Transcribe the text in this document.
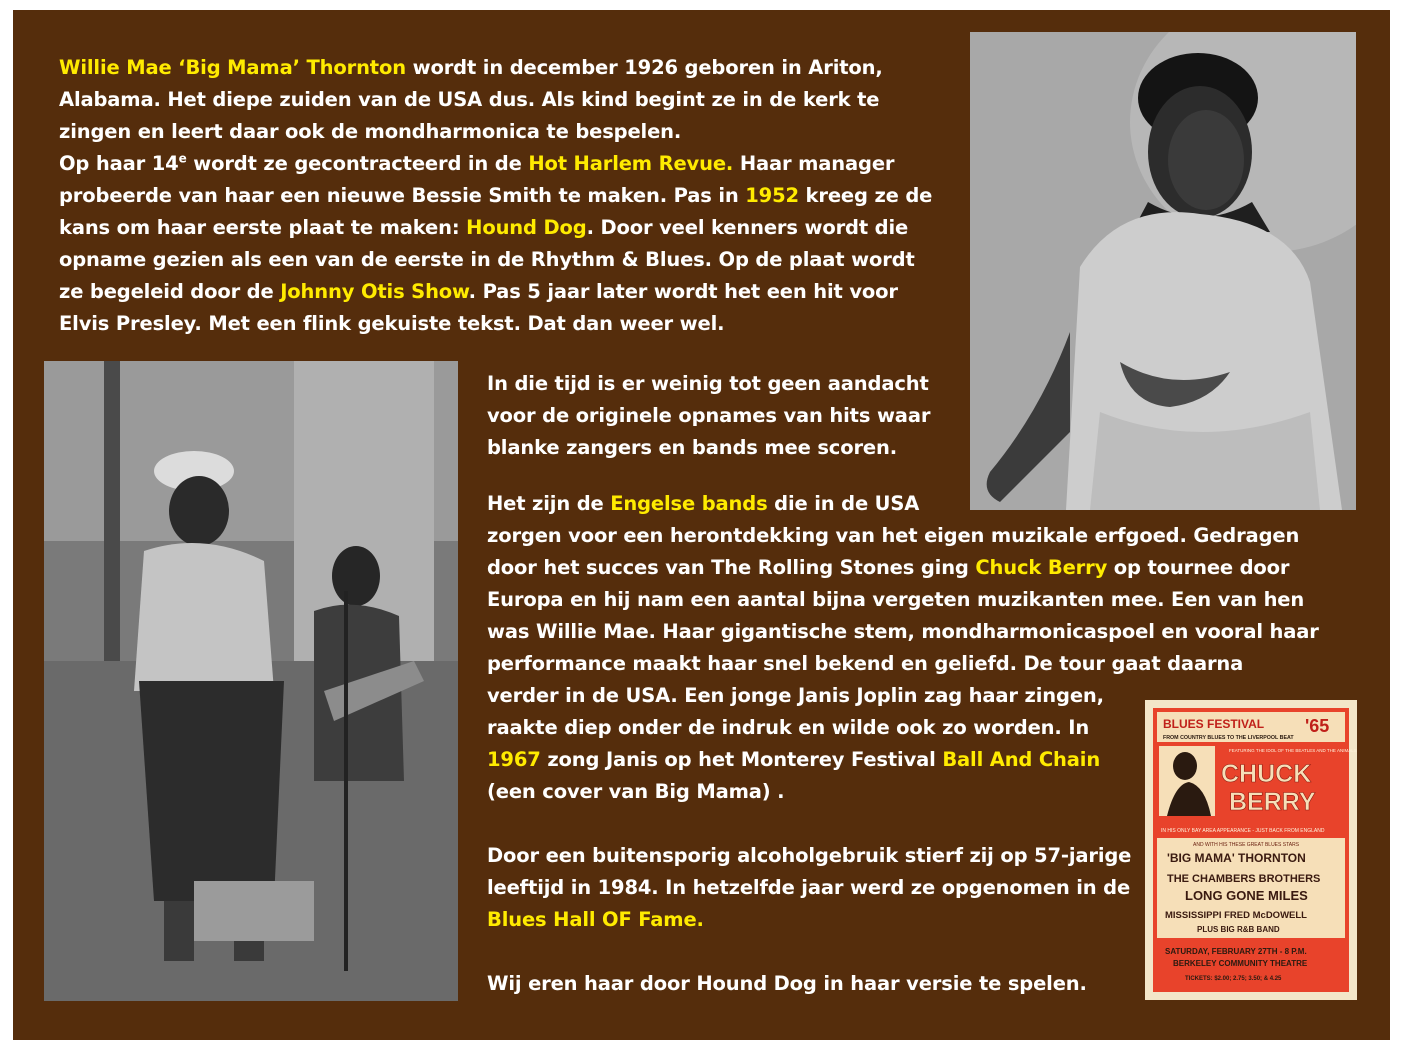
Willie Mae ‘Big Mama’ Thornton wordt in december 1926 geboren in Ariton,
Alabama. Het diepe zuiden van de USA dus. Als kind begint ze in de kerk te
zingen en leert daar ook de mondharmonica te bespelen.
Op haar 14e wordt ze gecontracteerd in de Hot Harlem Revue. Haar manager
probeerde van haar een nieuwe Bessie Smith te maken. Pas in 1952 kreeg ze de
kans om haar eerste plaat te maken: Hound Dog. Door veel kenners wordt die
opname gezien als een van de eerste in de Rhythm & Blues. Op de plaat wordt
ze begeleid door de Johnny Otis Show. Pas 5 jaar later wordt het een hit voor
Elvis Presley. Met een flink gekuiste tekst. Dat dan weer wel.
In die tijd is er weinig tot geen aandacht
voor de originele opnames van hits waar
blanke zangers en bands mee scoren.
Het zijn de Engelse bands die in de USA
zorgen voor een herontdekking van het eigen muzikale erfgoed. Gedragen
door het succes van The Rolling Stones ging Chuck Berry op tournee door
Europa en hij nam een aantal bijna vergeten muzikanten mee. Een van hen
was Willie Mae. Haar gigantische stem, mondharmonicaspoel en vooral haar
performance maakt haar snel bekend en geliefd. De tour gaat daarna
verder in de USA. Een jonge Janis Joplin zag haar zingen,
raakte diep onder de indruk en wilde ook zo worden. In
1967 zong Janis op het Monterey Festival Ball And Chain
(een cover van Big Mama) .
Door een buitensporig alcoholgebruik stierf zij op 57-jarige
leeftijd in 1984. In hetzelfde jaar werd ze opgenomen in de
Blues Hall OF Fame.
Wij eren haar door Hound Dog in haar versie te spelen.
BLUES FESTIVAL '65
FROM COUNTRY BLUES TO THE LIVERPOOL BEAT
FEATURING THE IDOL OF THE BEATLES AND THE ANIMALS
CHUCK
BERRY
IN HIS ONLY BAY AREA APPEARANCE - JUST BACK FROM ENGLAND
AND WITH HIS THESE GREAT BLUES STARS
'BIG MAMA' THORNTON
THE CHAMBERS BROTHERS
LONG GONE MILES
MISSISSIPPI FRED McDOWELL
PLUS BIG R&B BAND
SATURDAY, FEBRUARY 27TH - 8 P.M.
BERKELEY COMMUNITY THEATRE
TICKETS: $2.00; 2.75; 3.50; & 4.25
